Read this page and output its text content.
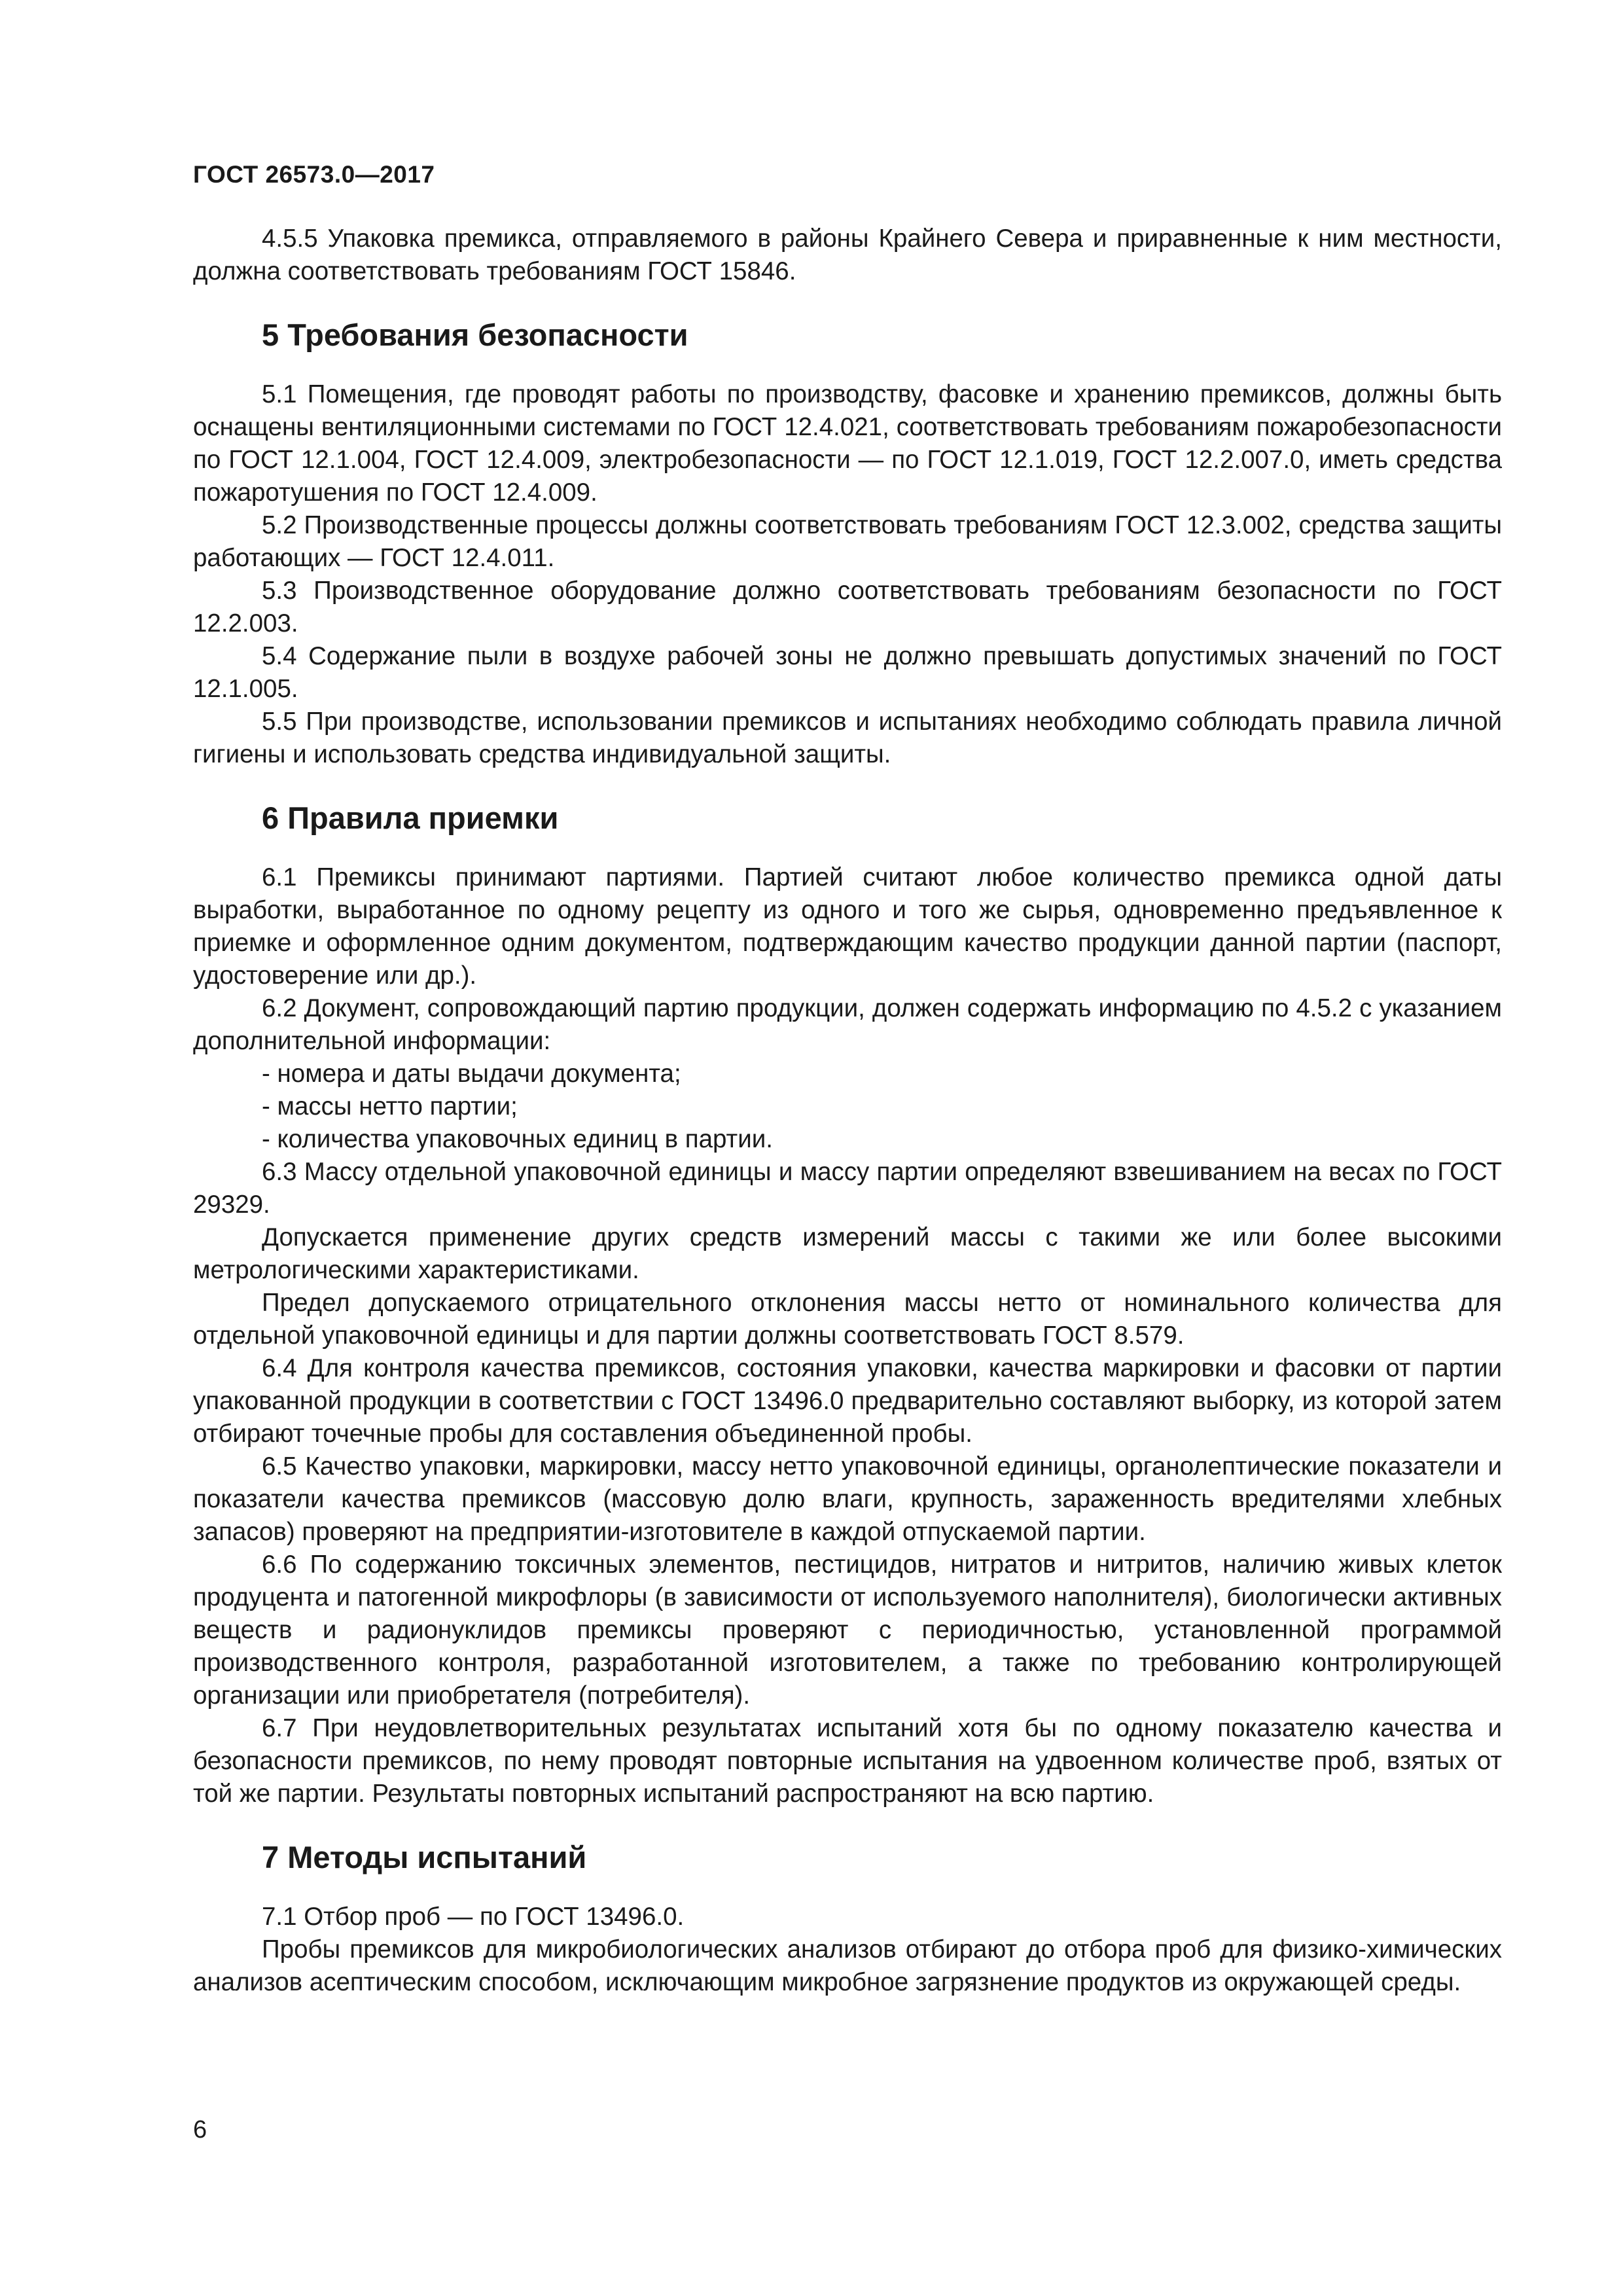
ГОСТ 26573.0—2017

4.5.5 Упаковка премикса, отправляемого в районы Крайнего Севера и приравненные к ним местности, должна соответствовать требованиям ГОСТ 15846.

5 Требования безопасности

5.1 Помещения, где проводят работы по производству, фасовке и хранению премиксов, должны быть оснащены вентиляционными системами по ГОСТ 12.4.021, соответствовать требованиям пожаробезопасности по ГОСТ 12.1.004, ГОСТ 12.4.009, электробезопасности — по ГОСТ 12.1.019, ГОСТ 12.2.007.0, иметь средства пожаротушения по ГОСТ 12.4.009.

5.2 Производственные процессы должны соответствовать требованиям ГОСТ 12.3.002, средства защиты работающих — ГОСТ 12.4.011.

5.3 Производственное оборудование должно соответствовать требованиям безопасности по ГОСТ 12.2.003.

5.4 Содержание пыли в воздухе рабочей зоны не должно превышать допустимых значений по ГОСТ 12.1.005.

5.5 При производстве, использовании премиксов и испытаниях необходимо соблюдать правила личной гигиены и использовать средства индивидуальной защиты.

6 Правила приемки

6.1 Премиксы принимают партиями. Партией считают любое количество премикса одной даты выработки, выработанное по одному рецепту из одного и того же сырья, одновременно предъявленное к приемке и оформленное одним документом, подтверждающим качество продукции данной партии (паспорт, удостоверение или др.).

6.2 Документ, сопровождающий партию продукции, должен содержать информацию по 4.5.2 с указанием дополнительной информации:

- номера и даты выдачи документа;

- массы нетто партии;

- количества упаковочных единиц в партии.

6.3 Массу отдельной упаковочной единицы и массу партии определяют взвешиванием на весах по ГОСТ 29329.

Допускается применение других средств измерений массы с такими же или более высокими метрологическими характеристиками.

Предел допускаемого отрицательного отклонения массы нетто от номинального количества для отдельной упаковочной единицы и для партии должны соответствовать ГОСТ 8.579.

6.4 Для контроля качества премиксов, состояния упаковки, качества маркировки и фасовки от партии упакованной продукции в соответствии с ГОСТ 13496.0 предварительно составляют выборку, из которой затем отбирают точечные пробы для составления объединенной пробы.

6.5 Качество упаковки, маркировки, массу нетто упаковочной единицы, органолептические показатели и показатели качества премиксов (массовую долю влаги, крупность, зараженность вредителями хлебных запасов) проверяют на предприятии-изготовителе в каждой отпускаемой партии.

6.6 По содержанию токсичных элементов, пестицидов, нитратов и нитритов, наличию живых клеток продуцента и патогенной микрофлоры (в зависимости от используемого наполнителя), биологически активных веществ и радионуклидов премиксы проверяют с периодичностью, установленной программой производственного контроля, разработанной изготовителем, а также по требованию контролирующей организации или приобретателя (потребителя).

6.7 При неудовлетворительных результатах испытаний хотя бы по одному показателю качества и безопасности премиксов, по нему проводят повторные испытания на удвоенном количестве проб, взятых от той же партии. Результаты повторных испытаний распространяют на всю партию.

7 Методы испытаний

7.1 Отбор проб — по ГОСТ 13496.0.

Пробы премиксов для микробиологических анализов отбирают до отбора проб для физико-химических анализов асептическим способом, исключающим микробное загрязнение продуктов из окружающей среды.

6
